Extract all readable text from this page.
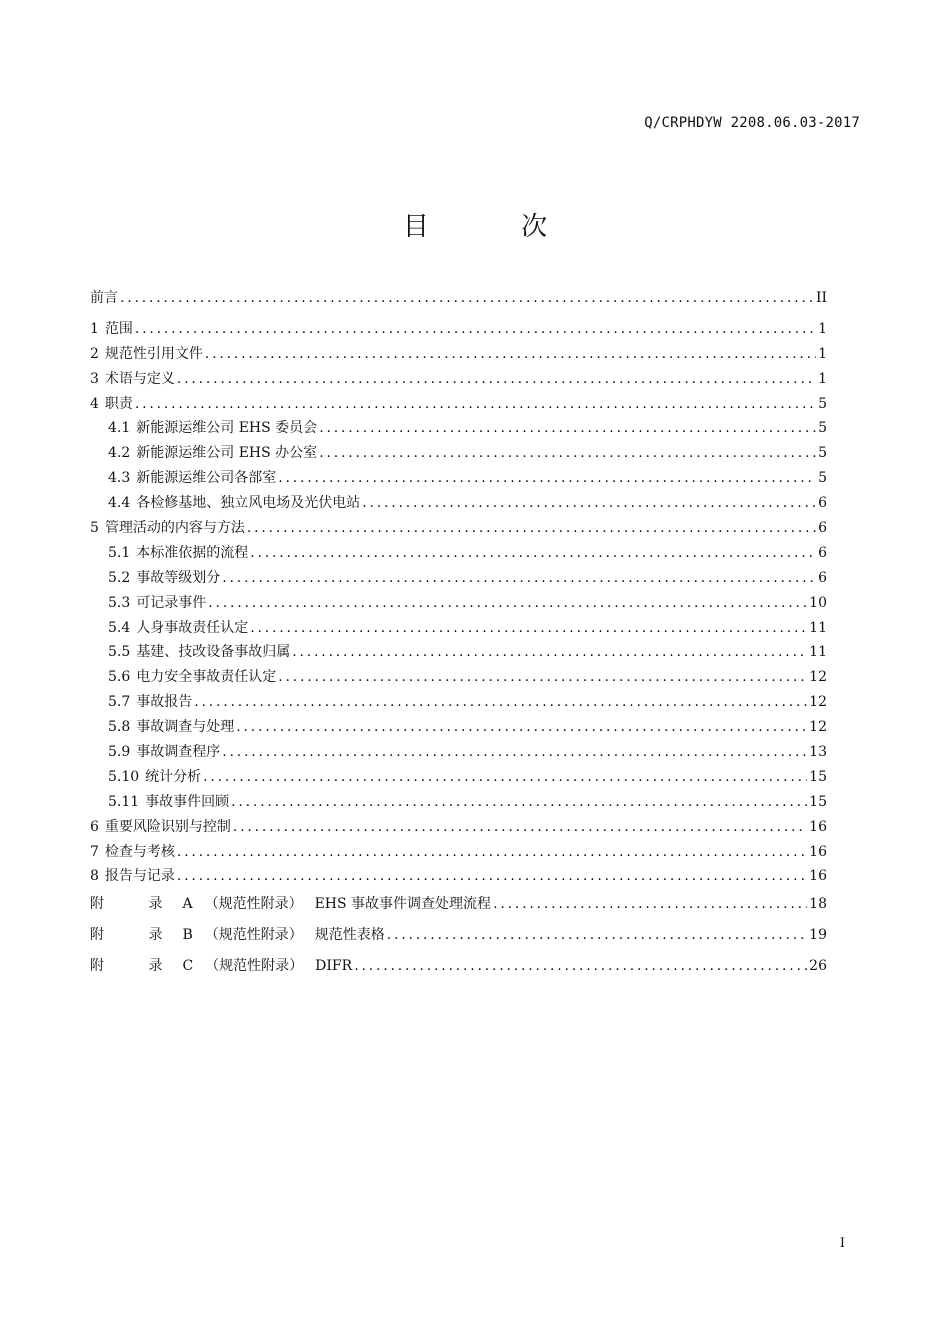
Q/CRPHDYW 2208.06.03-2017
目 次
前言 .....	II
1 范围 .....	1
2 规范性引用文件 .....	1
3 术语与定义 .....	1
4 职责 .....	5
4.1 新能源运维公司 EHS 委员会 .....	5
4.2 新能源运维公司 EHS 办公室 .....	5
4.3 新能源运维公司各部室 .....	5
4.4 各检修基地、独立风电场及光伏电站 .....	6
5 管理活动的内容与方法 .....	6
5.1 本标准依据的流程 .....	6
5.2 事故等级划分 .....	6
5.3 可记录事件 .....	10
5.4 人身事故责任认定 .....	11
5.5 基建、技改设备事故归属 .....	11
5.6 电力安全事故责任认定 .....	12
5.7 事故报告 .....	12
5.8 事故调查与处理 .....	12
5.9 事故调查程序 .....	13
5.10 统计分析 .....	15
5.11 事故事件回顾 .....	15
6 重要风险识别与控制 .....	16
7 检查与考核 .....	16
8 报告与记录 .....	16
附 录A （规范性附录） EHS 事故事件调查处理流程 .....	18
附 录B （规范性附录） 规范性表格 .....	19
附 录C （规范性附录） DIFR .....	26
I
